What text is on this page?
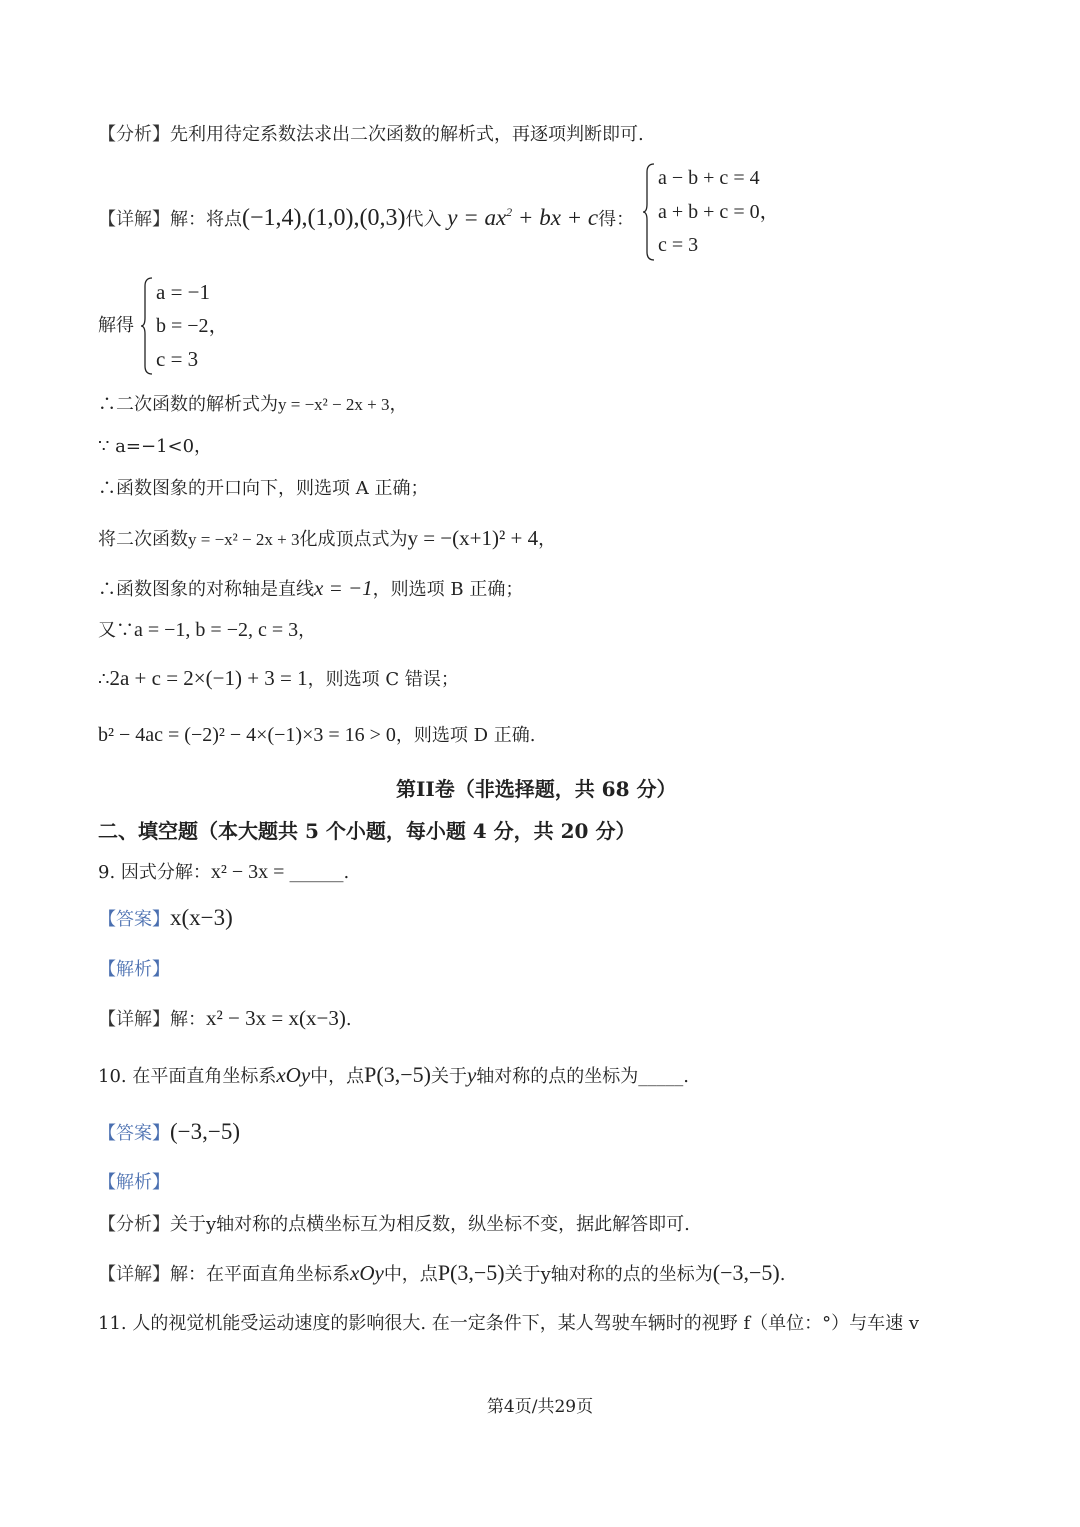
【分析】先利用待定系数法求出二次函数的解析式，再逐项判断即可.
【详解】解：将点(−1,4),(1,0),(0,3)代入 $y = ax^2$ + bx + c得：
a − b + c = 4
a + b + c = 0，
c = 3
解得
a = −1
b = −2，
c = 3
∴二次函数的解析式为y = −x² − 2x + 3，
∵ a=−1<0，
∴函数图象的开口向下，则选项 A 正确；
将二次函数y = −x² − 2x + 3化成顶点式为y = −(x+1)² + 4，
∴函数图象的对称轴是直线x = −1，则选项 B 正确；
又∵a = −1, b = −2, c = 3，
∴2a + c = 2×(−1) + 3 = 1，则选项 C 错误；
b² − 4ac = (−2)² − 4×(−1)×3 = 16 > 0，则选项 D 正确.
第II卷（非选择题，共 68 分）
二、填空题（本大题共 5 个小题，每小题 4 分，共 20 分）
9. 因式分解：x² − 3x = ______.
【答案】x(x−3)
【解析】
【详解】解：x² − 3x = x(x−3).
10. 在平面直角坐标系xOy中，点P(3,−5)关于y轴对称的点的坐标为_____.
【答案】(−3,−5)
【解析】
【分析】关于y轴对称的点横坐标互为相反数，纵坐标不变，据此解答即可.
【详解】解：在平面直角坐标系xOy中，点P(3,−5)关于y轴对称的点的坐标为(−3,−5).
11. 人的视觉机能受运动速度的影响很大. 在一定条件下，某人驾驶车辆时的视野 f（单位：°）与车速 v
第4页/共29页
